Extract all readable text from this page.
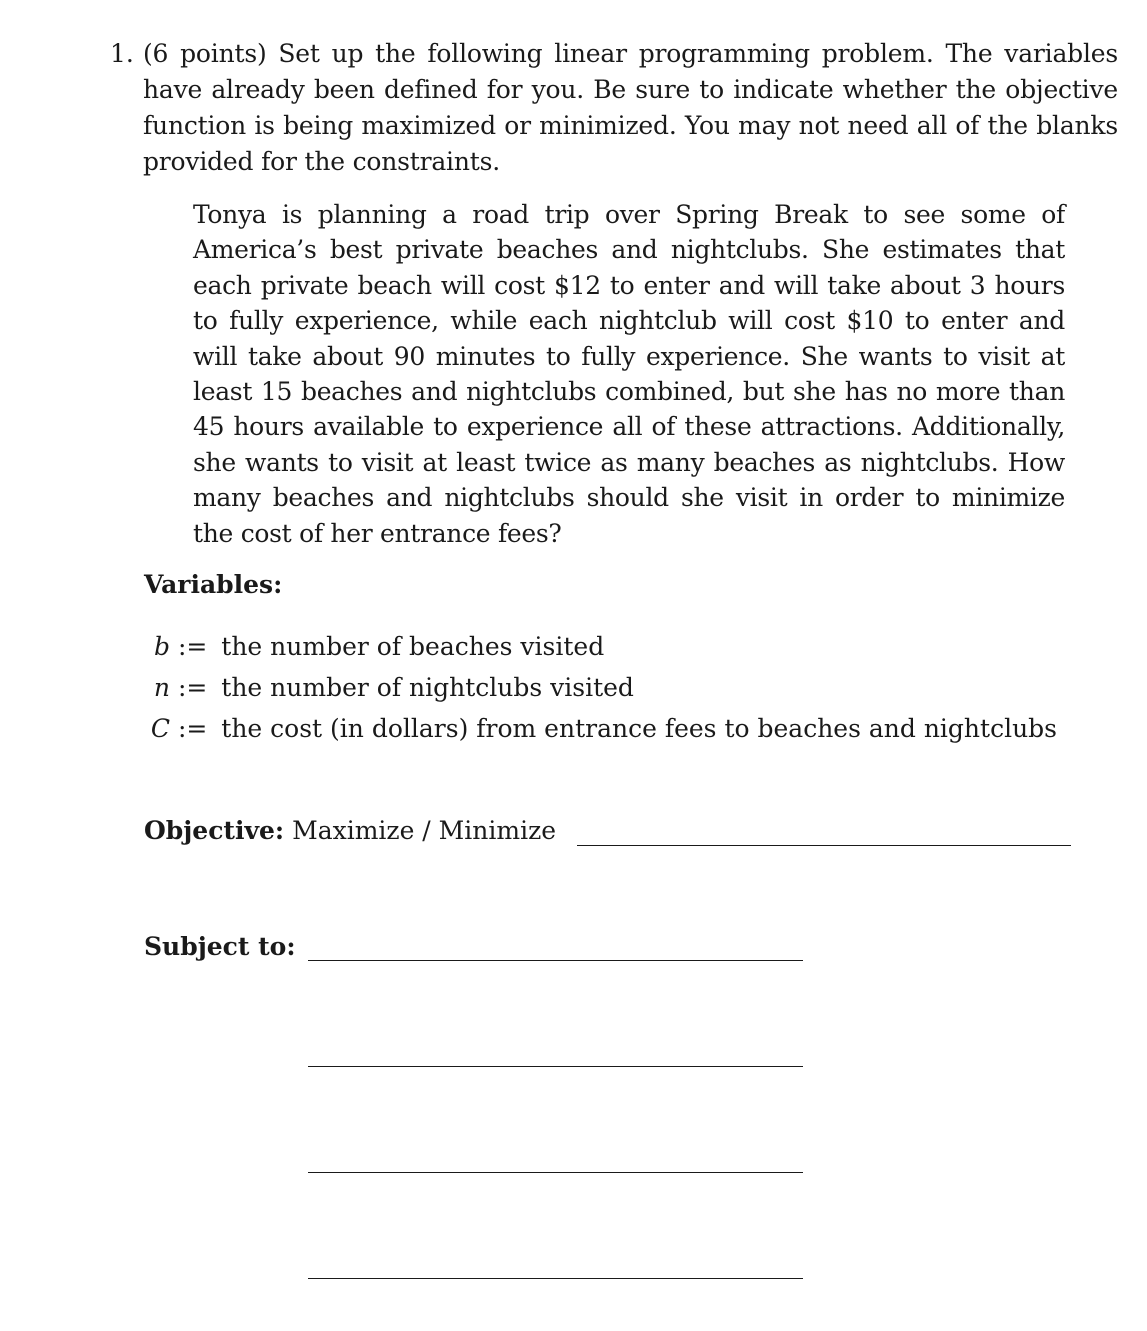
1. (6 points) Set up the following linear programming problem. The variables have already been defined for you. Be sure to indicate whether the objective function is being maximized or minimized. You may not need all of the blanks provided for the constraints.
Tonya is planning a road trip over Spring Break to see some of America’s best private beaches and nightclubs. She estimates that each private beach will cost $12 to enter and will take about 3 hours to fully experience, while each nightclub will cost $10 to enter and will take about 90 minutes to fully experience. She wants to visit at least 15 beaches and nightclubs combined, but she has no more than 45 hours available to experience all of these attractions. Additionally, she wants to visit at least twice as many beaches as nightclubs. How many beaches and nightclubs should she visit in order to minimize the cost of her entrance fees?
Variables:
b := the number of beaches visited
n := the number of nightclubs visited
C := the cost (in dollars) from entrance fees to beaches and nightclubs
Objective: Maximize / Minimize
Subject to:
